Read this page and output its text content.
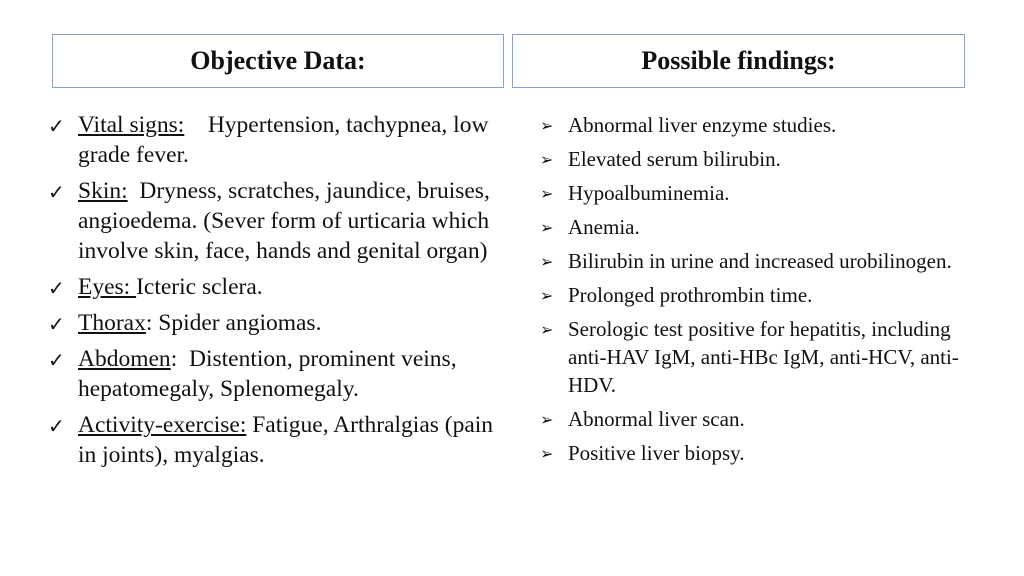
Objective Data:	Possible findings:
✓ Vital signs: Hypertension, tachypnea, low grade fever.
✓ Skin: Dryness, scratches, jaundice, bruises, angioedema. (Sever form of urticaria which involve skin, face, hands and genital organ)
✓ Eyes: Icteric sclera.
✓ Thorax: Spider angiomas.
✓ Abdomen:  Distention, prominent veins, hepatomegaly, Splenomegaly.
✓ Activity-exercise: Fatigue, Arthralgias (pain in joints), myalgias.
➢ Abnormal liver enzyme studies.
➢ Elevated serum bilirubin.
➢ Hypoalbuminemia.
➢ Anemia.
➢ Bilirubin in urine and increased urobilinogen.
➢ Prolonged prothrombin time.
➢ Serologic test positive for hepatitis, including anti-HAV IgM, anti-HBc IgM, anti-HCV, anti-HDV.
➢ Abnormal liver scan.
➢ Positive liver biopsy.
